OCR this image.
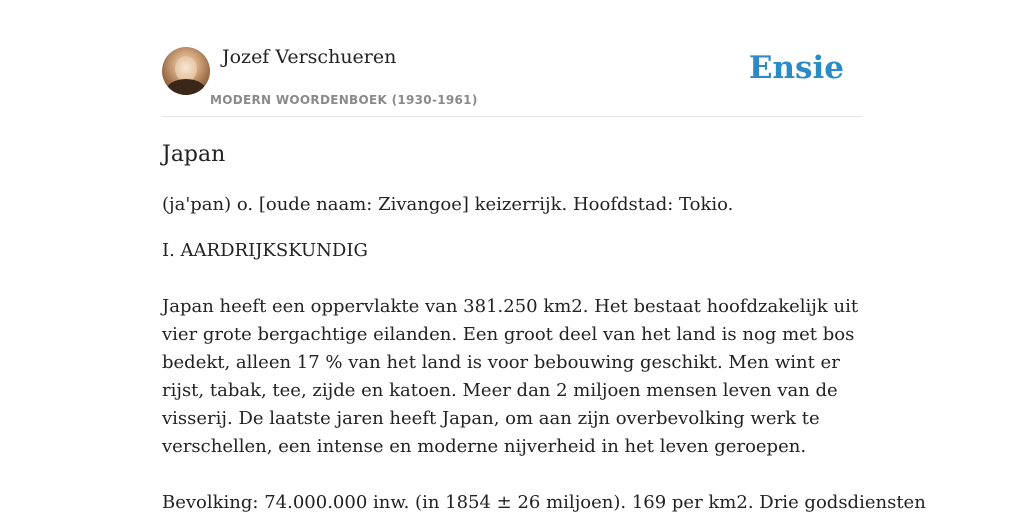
Jozef Verschueren
MODERN WOORDENBOEK (1930-1961)
Ensie
Japan

(ja'pan) o. [oude naam: Zivangoe] keizerrijk. Hoofdstad: Tokio.

I. AARDRIJKSKUNDIG

Japan heeft een oppervlakte van 381.250 km2. Het bestaat hoofdzakelijk uit vier grote bergachtige eilanden. Een groot deel van het land is nog met bos bedekt, alleen 17 % van het land is voor bebouwing geschikt. Men wint er rijst, tabak, tee, zijde en katoen. Meer dan 2 miljoen mensen leven van de visserij. De laatste jaren heeft Japan, om aan zijn overbevolking werk te verschellen, een intense en moderne nijverheid in het leven geroepen.

Bevolking: 74.000.000 inw. (in 1854 ± 26 miljoen). 169 per km2. Drie godsdiensten
